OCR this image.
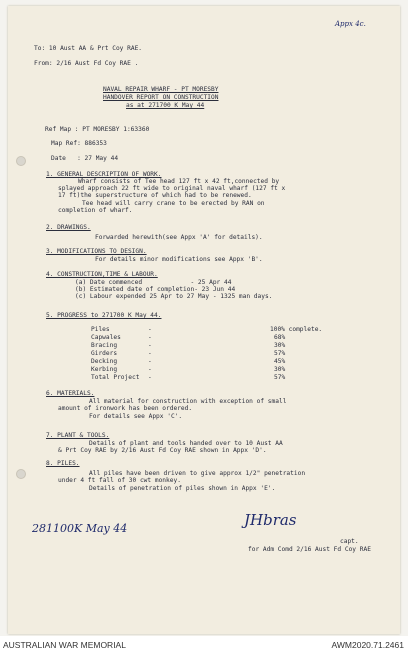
Appx 4c.
To: 10 Aust AA & Prt Coy RAE.
From: 2/16 Aust Fd Coy RAE .
NAVAL REPAIR WHARF - PT MORESBY
HANDOVER REPORT ON CONSTRUCTION
as at 271700 K May 44
Ref Map : PT MORESBY 1:63360
Map Ref: 886353
Date   : 27 May 44
1. GENERAL DESCRIPTION OF WORK.
Wharf consists of Tee head 127 ft x 42 ft,connected by
splayed approach 22 ft wide to original naval wharf (127 ft x
17 ft)the superstructure of which had to be renewed.
Tee head will carry crane to be erected by RAN on
completion of wharf.
2. DRAWINGS.
Forwarded herewith(see Appx 'A' for details).
3. MODIFICATIONS TO DESIGN.
For details minor modifications see Appx 'B'.
4. CONSTRUCTION,TIME & LABOUR.
(a) Date commenced             - 25 Apr 44
(b) Estimated date of completion- 23 Jun 44
(c) Labour expended 25 Apr to 27 May - 1325 man days.
5. PROGRESS to 271700 K May 44.
Piles	-	100% complete.
Capwales	-	68%
Bracing	-	30%
Girders	-	57%
Decking	-	45%
Kerbing	-	30%
Total Project -	57%
6. MATERIALS.
All material for construction with exception of small
amount of ironwork has been ordered.
For details see Appx 'C'.
7. PLANT & TOOLS.
Details of plant and tools handed over to 10 Aust AA
& Prt Coy RAE by 2/16 Aust Fd Coy RAE shown in Appx 'D'.
8. PILES.
All piles have been driven to give approx 1/2" penetration
under 4 ft fall of 30 cwt monkey.
Details of penetration of piles shown in Appx 'E'.
281100K May 44	JHbras
capt.
for Adm Comd 2/16 Aust Fd Coy RAE
AUSTRALIAN WAR MEMORIAL	AWM2020.71.2461
